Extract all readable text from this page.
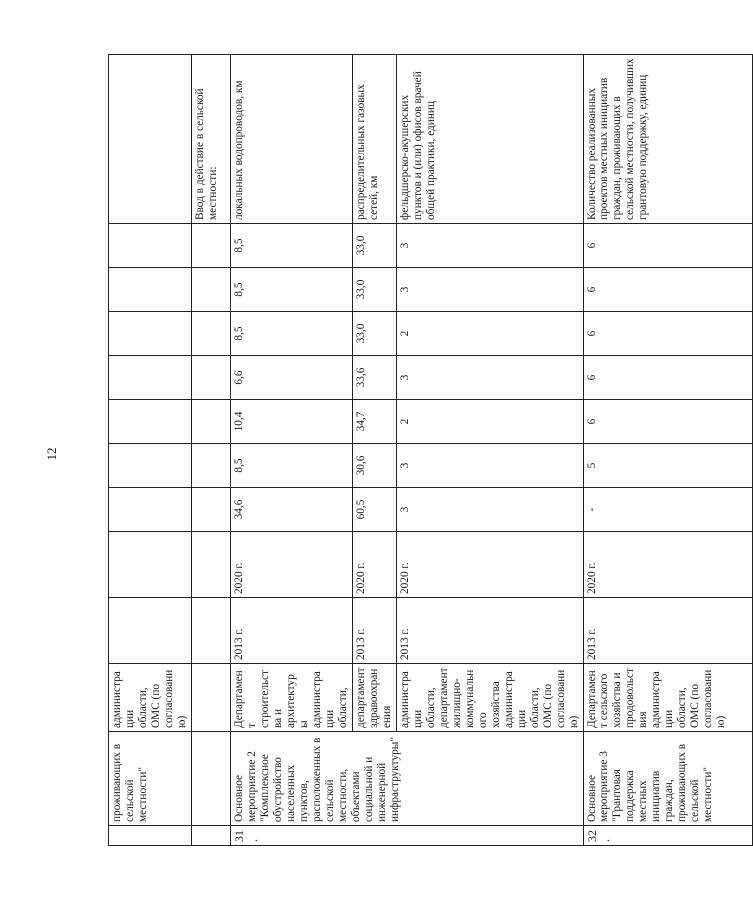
12
	проживающих в сельской местности"	администрации области, ОМС (по согласованию)										
												Ввод в действие в сельской местности:
31.	Основное мероприятие 2 "Комплексное обустройство населенных пунктов, расположенных в сельской местности, объектами социальной и инженерной инфраструктуры"	Департамент строительства и архитектуры администрации области,	2013 г.	2020 г.	34,6	8,5	10,4	6,6	8,5	8,5	8,5	локальных водопроводов, км
		департамент здравоохранения	2013 г.	2020 г.	60,5	30,6	34,7	33,6	33,0	33,0	33,0	распределительных газовых сетей, км
		администрации области, департамент жилищно-коммунального хозяйства администрации области, ОМС (по согласованию)	2013 г.	2020 г.	3	3	2	3	2	3	3	фельдшерско-акушерских пунктов и (или) офисов врачей общей практики, единиц
32.	Основное мероприятие 3 "Грантовая поддержка местных инициатив граждан, проживающих в сельской местности"	Департамент сельского хозяйства и продовольствия администрации области, ОМС (по согласованию)	2013 г.	2020 г.	-	5	6	6	6	6	6	Количество реализованных проектов местных инициатив граждан, проживающих в сельской местности, получивших грантовую поддержку, единиц
